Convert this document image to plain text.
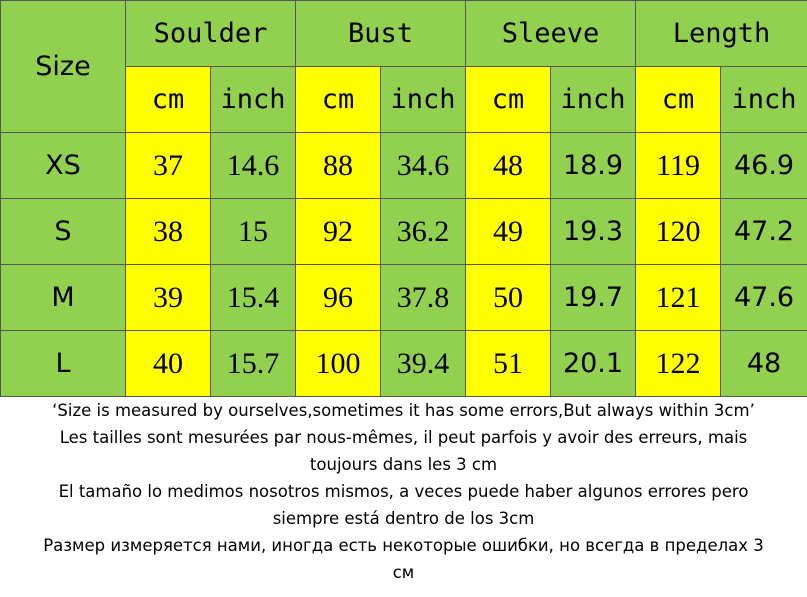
Size	Soulder		Bust		Sleeve		Length	
	cm	inch	cm	inch	cm	inch	cm	inch
XS	37	14.6	88	34.6	48	18.9	119	46.9
S	38	15	92	36.2	49	19.3	120	47.2
M	39	15.4	96	37.8	50	19.7	121	47.6
L	40	15.7	100	39.4	51	20.1	122	48
‘Size is measured by ourselves,sometimes it has some errors,But always within 3cm’
Les tailles sont mesurées par nous-mêmes, il peut parfois y avoir des erreurs, mais
toujours dans les 3 cm
El tamaño lo medimos nosotros mismos, a veces puede haber algunos errores pero
siempre está dentro de los 3cm
Размер измеряется нами, иногда есть некоторые ошибки, но всегда в пределах 3
см
